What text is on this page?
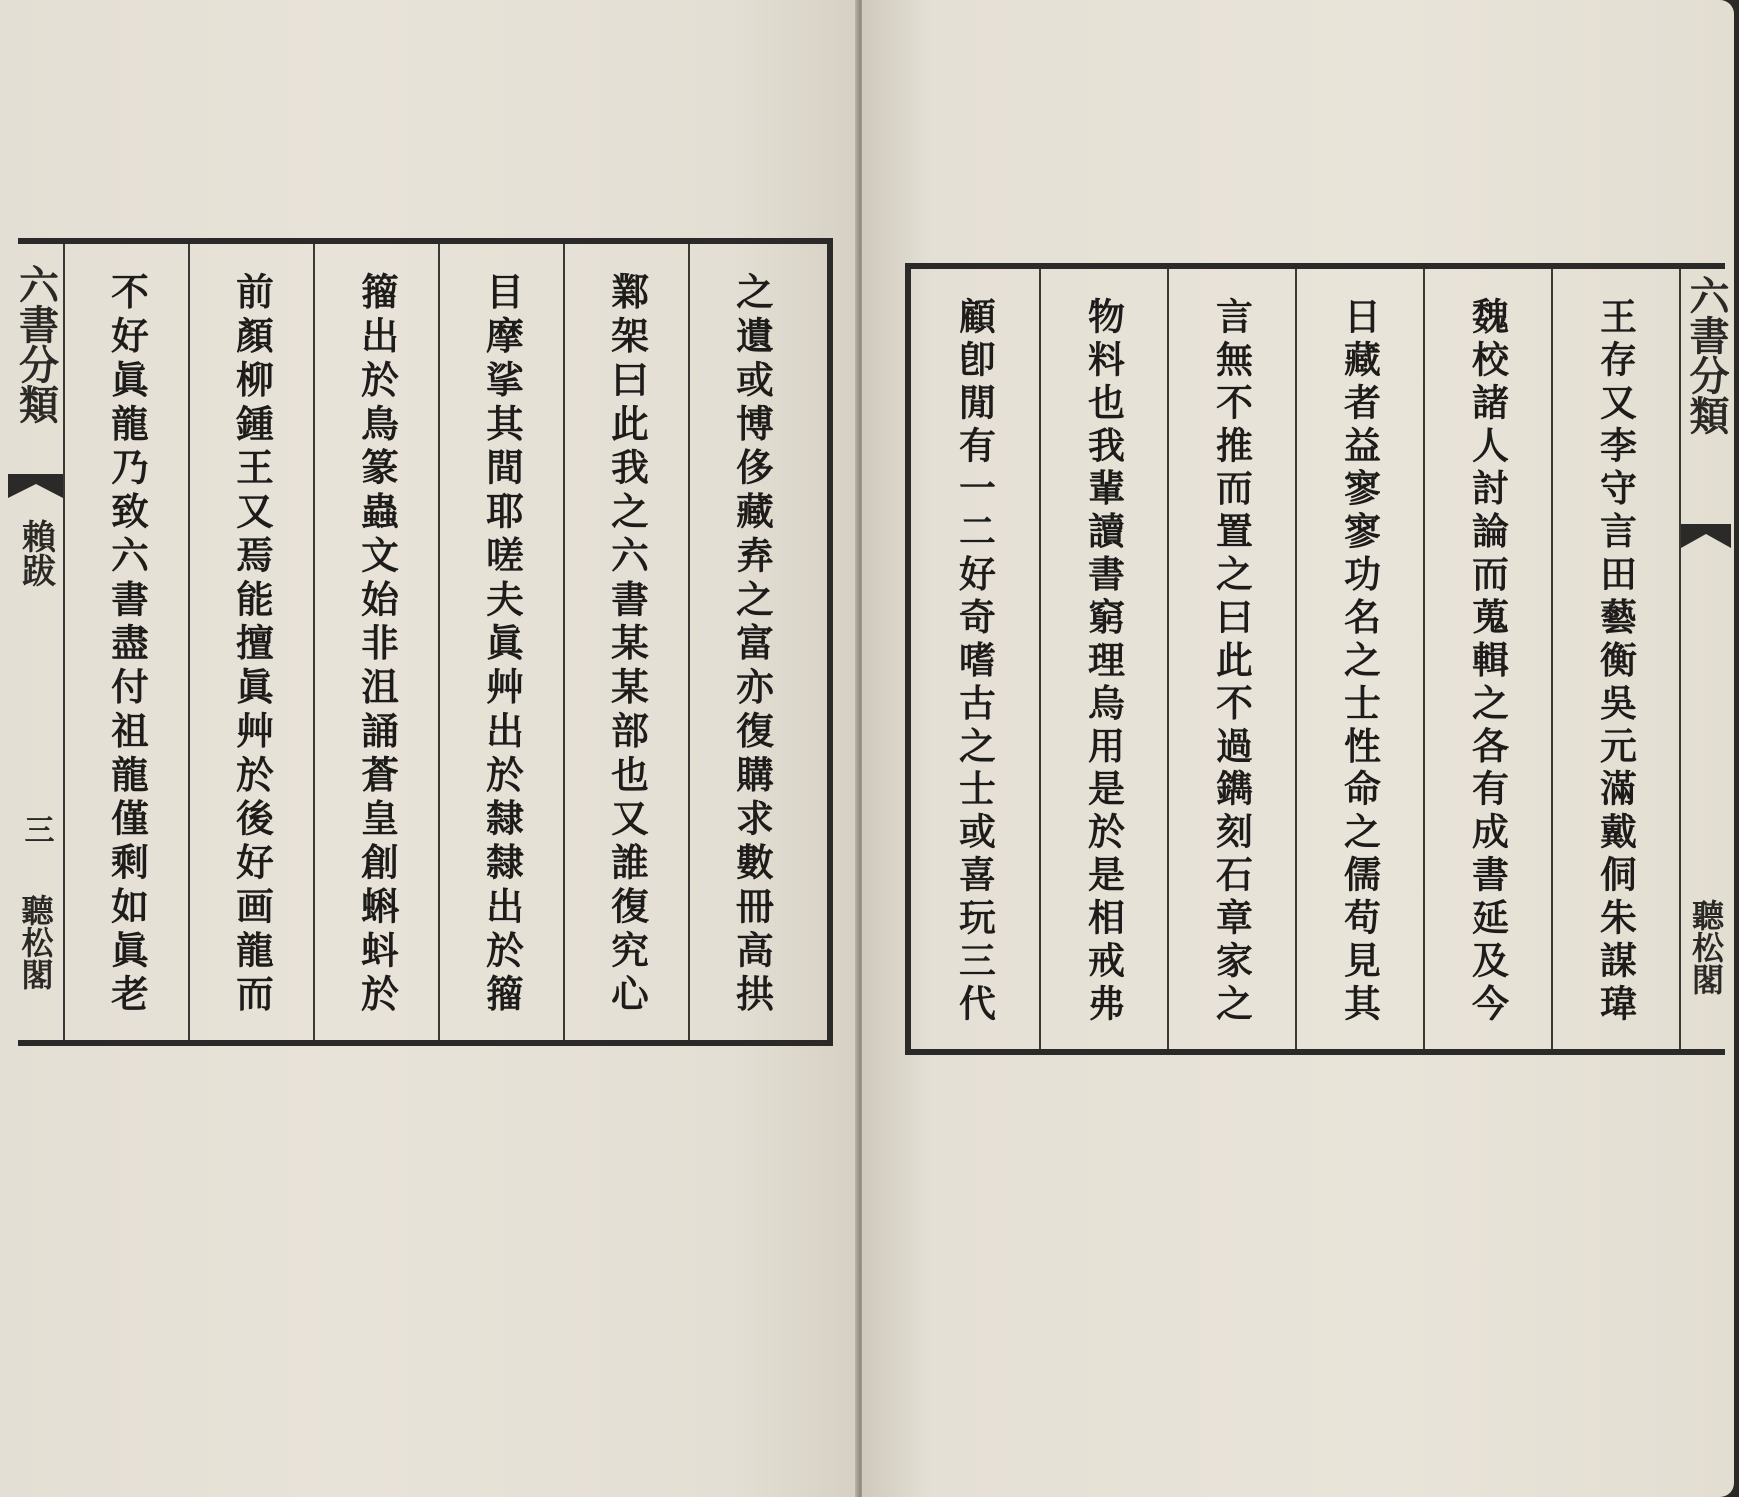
之遺或博侈藏弆之富亦復購求數冊高拱
鄴架曰此我之六書某某部也又誰復究心
目摩挲其間耶嗟夫眞艸出於隸隸出於籀
籀出於鳥篆蟲文始非沮誦蒼皇創蝌蚪於
前顏柳鍾王又焉能擅眞艸於後好画龍而
不好眞龍乃致六書盡付祖龍僅剩如眞老
六書分類
賴跋
三
聽松閣	顧卽閒有一二好奇嗜古之士或喜玩三代	物料也我輩讀書窮理烏用是於是相戒弗	言無不推而置之曰此不過鐫刻石章家之	日藏者益寥寥功名之士性命之儒苟見其	魏校諸人討論而蒐輯之各有成書延及今	王存又李守言田藝衡吳元滿戴侗朱謀瑋	六書分類
聽松閣
